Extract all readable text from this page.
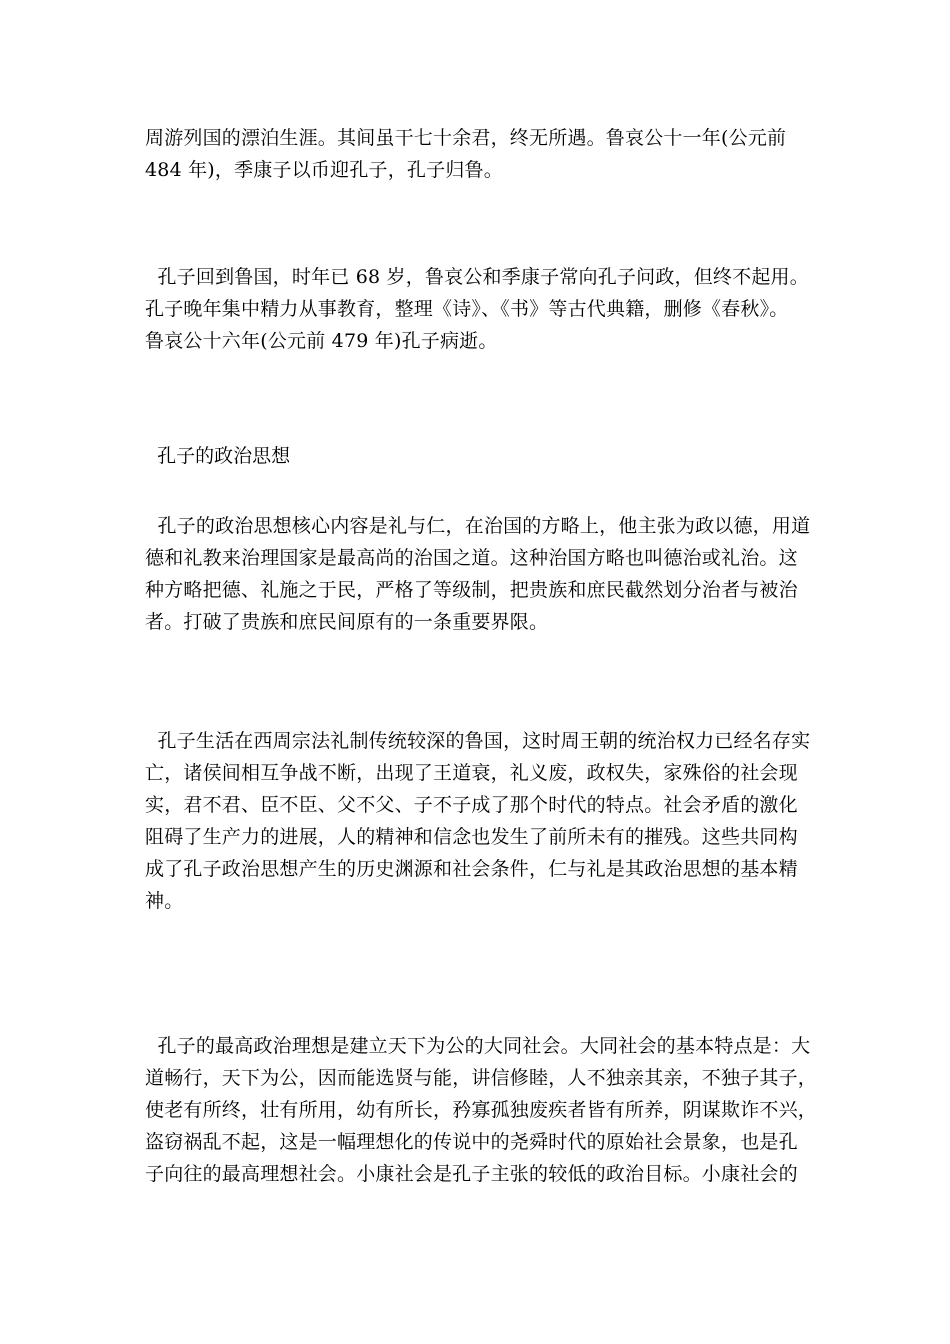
周游列国的漂泊生涯。其间虽干七十余君，终无所遇。鲁哀公十一年(公元前
484 年)，季康子以币迎孔子，孔子归鲁。
孔子回到鲁国，时年已 68 岁，鲁哀公和季康子常向孔子问政，但终不起用。
孔子晚年集中精力从事教育，整理《诗》、《书》等古代典籍，删修《春秋》。
鲁哀公十六年(公元前 479 年)孔子病逝。
孔子的政治思想
孔子的政治思想核心内容是礼与仁，在治国的方略上，他主张为政以德，用道
德和礼教来治理国家是最高尚的治国之道。这种治国方略也叫德治或礼治。这
种方略把德、礼施之于民，严格了等级制，把贵族和庶民截然划分治者与被治
者。打破了贵族和庶民间原有的一条重要界限。
孔子生活在西周宗法礼制传统较深的鲁国，这时周王朝的统治权力已经名存实
亡，诸侯间相互争战不断，出现了王道衰，礼义废，政权失，家殊俗的社会现
实，君不君、臣不臣、父不父、子不子成了那个时代的特点。社会矛盾的激化
阻碍了生产力的进展，人的精神和信念也发生了前所未有的摧残。这些共同构
成了孔子政治思想产生的历史渊源和社会条件，仁与礼是其政治思想的基本精
神。
孔子的最高政治理想是建立天下为公的大同社会。大同社会的基本特点是：大
道畅行，天下为公，因而能选贤与能，讲信修睦，人不独亲其亲，不独子其子，
使老有所终，壮有所用，幼有所长，矜寡孤独废疾者皆有所养，阴谋欺诈不兴，
盗窃祸乱不起，这是一幅理想化的传说中的尧舜时代的原始社会景象，也是孔
子向往的最高理想社会。小康社会是孔子主张的较低的政治目标。小康社会的
